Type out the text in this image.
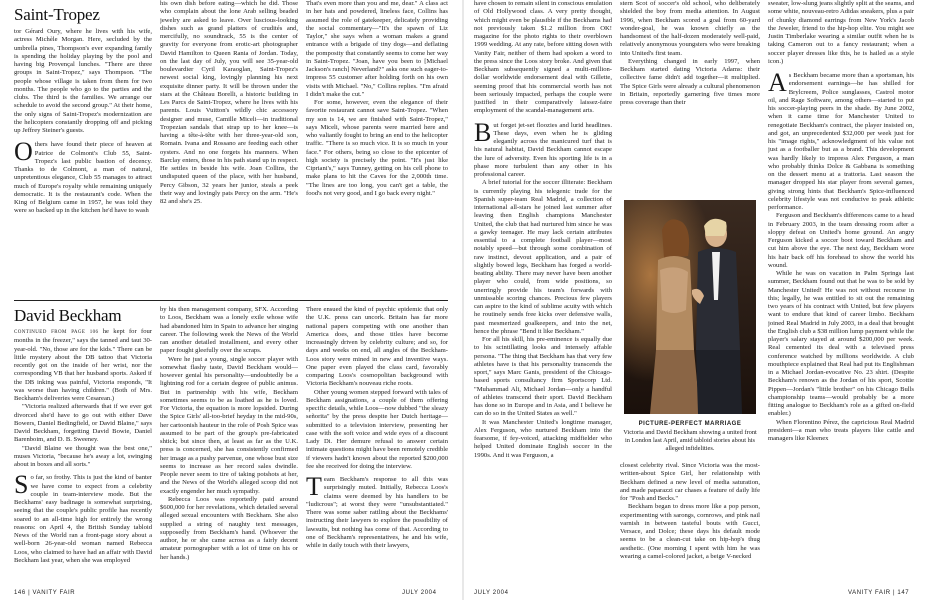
Saint-Tropez

tor Gérard Oury, where he lives with his wife, actress Michèle Morgan. Here, secluded by the umbrella pines, Thompson's ever expanding family is spending the holiday playing by the pool and having big Provençal lunches. "There are three groups in Saint-Tropez," says Thompson. "The people whose village is taken from them for two months. The people who go to the parties and the clubs. The third is the families. We arrange our schedule to avoid the second group." At their home, the only signs of Saint-Tropez's modernization are the helicopters constantly dropping off and picking up Jeffrey Steiner's guests.

Others have found their piece of heaven at Patrice de Colmont's Club 55, Saint-Tropez's last public bastion of decency. Thanks to de Colmont, a man of natural, unpretentious elegance, Club 55 manages to attract much of Europe's royalty while remaining uniquely democratic. It is the restaurant's code. When the King of Belgium came in 1957, he was told they were so backed up in the kitchen he'd have to wash

his own dish before eating—which he did. Those who complain about the lone Arab selling beaded jewelry are asked to leave. Over luscious-looking dishes such as grand platters of crudités and, mercifully, no soundtrack, 55 is the center of gravity for everyone from erotic-art photographer David Hamilton to Queen Rania of Jordan. Today, on the last day of July, you will see 35-year-old boulevardier Cyril Karaoglan, Saint-Tropez's newest social king, lovingly planning his next exquisite dinner party. It will be thrown under the stars at the Château Borelli, a historic building in Les Parcs de Saint-Tropez, where he lives with his parents. Louis Vuitton's wildly chic accessory designer and muse, Camille Miceli—in traditional Tropezian sandals that strap up to her knee—is having a tête-à-tête with her three-year-old son, Romain. Ivana and Rossano are feeding each other oysters. And no one forgets his manners. When Barclay enters, those in his path stand up in respect. He settles in beside his wife. Joan Collins, the undisputed queen of the place, with her husband, Percy Gibson, 32 years her junior, steals a peek their way and lovingly pats Percy on the arm. "He's 82 and she's 25.

That's even more than you and me, dear." A class act in her hats and powdered, lineless face, Collins has assumed the role of gatekeeper, delicately providing the social commentary—"It's the spawn of Liz Taylor," she says when a woman makes a grand entrance with a brigade of tiny dogs—and deflating the pomposity that constantly seems to come her way in Saint-Tropez. "Joan, have you been to [Michael Jackson's ranch] Neverland?" asks one such eager-to-impress 55 customer after holding forth on his own visits with Michael. "No," Collins replies. "I'm afraid I didn't make the cut."

For some, however, even the elegance of their favorite restaurant cannot save Saint-Tropez. "When my son is 14, we are finished with Saint-Tropez," says Miceli, whose parents were married here and who valiantly fought to bring an end to the helicopter traffic. "There is so much vice. It is so much in your face." For others, being so close to the epicenter of high society is precisely the point. "It's just like Cipriani's," says Tunney, getting on his cell phone to make plans to hit the Caves for the 2,000th time. "The lines are too long, you can't get a table, the food's not very good, and I go back every night."

David Beckham

CONTINUED FROM PAGE 106 he kept for four months in the freezer," says the tanned and taut 30-year-old. "No, those are for the kids." There can be little mystery about the DB tattoo that Victoria recently got on the inside of her wrist, nor the corresponding VB that her husband sports. Asked if the DB inking was painful, Victoria responds, "It was worse than having children." (Both of Mrs. Beckham's deliveries were Cesarean.)

"Victoria realized afterwards that if we ever got divorced she'd have to go out with either Dave Bowers, Daniel Bedingfield, or David Blaine," says David Beckham, forgetting David Bowie, Daniel Barenboim, and D. B. Sweeney.

"David Blaine we thought was the best one," muses Victoria, "because he's away a lot, swinging about in boxes and all sorts."

So far, so frothy. This is just the kind of banter we have come to expect from a celebrity couple in team-interview mode. But the Beckhams' easy badinage is somewhat surprising, seeing that the couple's public profile has recently soared to an all-time high for entirely the wrong reasons: on April 4, the British Sunday tabloid News of the World ran a front-page story about a well-born 26-year-old woman named Rebecca Loos, who claimed to have had an affair with David Beckham last year, when she was employed

by his then management company, SFX. According to Loos, Beckham was a lonely exile whose wife had abandoned him in Spain to advance her singing career. The following week the News of the World ran another detailed installment, and every other paper fought gleefully over the scraps.

Were he just a young, single soccer player with somewhat flashy taste, David Beckham would—however genial his personality—undoubtedly be a lightning rod for a certain degree of public animus. But in partnership with his wife, Beckham sometimes seems to be as loathed as he is loved. For Victoria, the equation is more lopsided. During the Spice Girls' all-too-brief heyday in the mid-90s, her cartoonish hauteur in the role of Posh Spice was assumed to be part of the group's pre-fabricated shtick; but since then, at least as far as the U.K. press is concerned, she has consistently confirmed her image as a pushy parvenue, one whose bust size seems to increase as her record sales dwindle. People never seem to tire of taking potshots at her, and the News of the World's alleged scoop did not exactly engender her much sympathy.

Rebecca Loos was reportedly paid around $600,000 for her revelations, which detailed several alleged sexual encounters with Beckham. She also supplied a string of naughty text messages, supposedly from Beckham's hand. (Whoever the author, he or she came across as a fairly decent amateur pornographer with a lot of time on his or her hands.)

There ensued the kind of psychic epidemic that only the U.K. press can uncork. Britain has far more national papers competing with one another than America does, and those titles have become increasingly driven by celebrity culture; and so, for days and weeks on end, all angles of the Beckham-Loos story were mined in new and inventive ways. One paper even played the class card, favorably comparing Loos's cosmopolitan background with Victoria Beckham's nouveau riche roots.

Other young women stepped forward with tales of Beckham assignations, a couple of them offering specific details, while Loos—now dubbed "the sleazy señorita" by the press despite her Dutch heritage—submitted to a television interview, presenting her case with the soft voice and wide eyes of a discount Lady Di. Her demure refusal to answer certain intimate questions might have been remotely credible if viewers hadn't known about the reported $200,000 fee she received for doing the interview.

Team Beckham's response to all this was surprisingly muted. Initially, Rebecca Loos's claims were deemed by his handlers to be "ludicrous"; at worst they were "unsubstantiated." There was some saber rattling about the Beckhams' instructing their lawyers to explore the possibility of lawsuits, but nothing has come of that. According to one of Beckham's representatives, he and his wife, while in daily touch with their lawyers,

146 | VANITY FAIR	JULY 2004

have chosen to remain silent in conscious emulation of Old Hollywood class. A very pretty thought, which might even be plausible if the Beckhams had not previously taken $1.2 million from OK! magazine for the photo rights to their overblown 1999 wedding. At any rate, before sitting down with Vanity Fair, neither of them had spoken a word to the press since the Loos story broke. And given that Beckham subsequently signed a multi-million-dollar worldwide endorsement deal with Gillette, seeming proof that his commercial worth has not been seriously impacted, perhaps the couple were justified in their comparatively laissez-faire employment of the scandal-management arts.

But forget jet-set floozies and lurid headlines. These days, even when he is gliding elegantly across the manicured turf that is his natural habitat, David Beckham cannot escape the lure of adversity. Even his sporting life is in a phase more turbulent than any other in his professional career.

A brief tutorial for the soccer illiterate: Beckham is currently playing his telegenic trade for the Spanish super-team Real Madrid, a collection of international all-stars he joined last summer after leaving then English champions Manchester United, the club that had nurtured him since he was a gawky teenager. He may lack certain attributes essential to a complete football player—most notably speed—but through some combination of raw instinct, devout application, and a pair of slightly bowed legs, Beckham has forged a world-beating ability. There may never have been another player who could, from wide positions, so unerringly provide his team's forwards with unmissable scoring chances. Precious few players can aspire to the kind of sublime acuity with which he routinely sends free kicks over defensive walls, past mesmerized goalkeepers, and into the net, hence the phrase "Bend it like Beckham."

For all his skill, his pre-eminence is equally due to his scintillating looks and intensely affable persona. "The thing that Beckham has that very few athletes have is that his personality transcends the sport," says Marc Ganis, president of the Chicago-based sports consultancy firm Sportscorp Ltd. "Muhammad Ali, Michael Jordan—only a handful of athletes transcend their sport. David Beckham has done so in Europe and in Asia, and I believe he can do so in the United States as well."

It was Manchester United's longtime manager, Alex Ferguson, who nurtured Beckham into the fearsome, if fey-voiced, attacking midfielder who helped United dominate English soccer in the 1990s. And it was Ferguson, a

stern Scot of soccer's old school, who deliberately shielded the boy from media attention. In August 1996, when Beckham scored a goal from 60-yard wonder-goal, he was known chiefly as the handsomest of the half-dozen moderately well-paid, relatively anonymous youngsters who were breaking into United's first team.

Everything changed in early 1997, when Beckham started dating Victoria Adams: their collective fame didn't add together—it multiplied. The Spice Girls were already a cultural phenomenon in Britain, reportedly garnering five times more press coverage than their

PICTURE-PERFECT MARRIAGE
Victoria and David Beckham showing a united front in London last April, amid tabloid stories about his alleged infidelities.

closest celebrity rival. Since Victoria was the most-written-about Spice Girl, her relationship with Beckham defined a new level of media saturation, and made paparazzi car chases a feature of daily life for "Posh and Becks."

Beckham began to dress more like a pop person, experimenting with sarongs, cornrows, and pink nail varnish in between tasteful bouts with Gucci, Versace, and Dolce; these days his default mode seems to be a clean-cut take on hip-hop's thug aesthetic. (One morning I spent with him he was wearing a camel-colored jacket, a beige V-necked

sweater, low-slung jeans slightly split at the seams, and some white, nouveau-retro Adidas sneakers, plus a pair of chunky diamond earrings from New York's Jacob the Jeweler, friend to the hip-hop elite. You might see Justin Timberlake wearing a similar outfit when he is taking Cameron out to a fancy restaurant; when a soccer player dresses like this, he is hailed as a style icon.)

As Beckham became more than a sportsman, his endorsement earnings—he has shilled for Brylcreem, Police sunglasses, Castrol motor oil, and Rage Software, among others—started to put his soccer-playing peers in the shade. By June 2002, when it came time for Manchester United to renegotiate Beckham's contract, the player insisted on, and got, an unprecedented $32,000 per week just for his "image rights," acknowledgment of his value not just as a footballer but as a brand. This development was hardly likely to impress Alex Ferguson, a man who probably thinks Dolce & Gabbana is something on the dessert menu at a trattoria. Last season the manager dropped his star player from several games, giving strong hints that Beckham's Spice-influenced celebrity lifestyle was not conducive to peak athletic performance.

Ferguson and Beckham's differences came to a head in February 2003, in the team dressing room after a sloppy defeat on United's home ground. An angry Ferguson kicked a soccer boot toward Beckham and cut him above the eye. The next day, Beckham wore his hair back off his forehead to show the world his wound.

While he was on vacation in Palm Springs last summer, Beckham found out that he was to be sold by Manchester United! He was not without recourse in this; legally, he was entitled to sit out the remaining two years of his contract with United, but few players want to endure that kind of career limbo. Beckham joined Real Madrid in July 2003, in a deal that brought the English club a $38 million lump payment while the player's salary stayed at around $200,000 per week. Real cemented its deal with a televised press conference watched by millions worldwide. A club mouthpiece explained that Real had put its Englishman in a Michael Jordan-evocative No. 23 shirt. (Despite Beckham's renown as the Jordan of his sport, Scottie Pippen—Jordan's "little brother" on his Chicago Bulls championship teams—would probably be a more fitting analogue to Beckham's role as a gifted on-field enabler.)

When Florentino Pérez, the capricious Real Madrid president—a man who treats players like cattle and managers like Kleenex

JULY 2004	VANITY FAIR | 147
